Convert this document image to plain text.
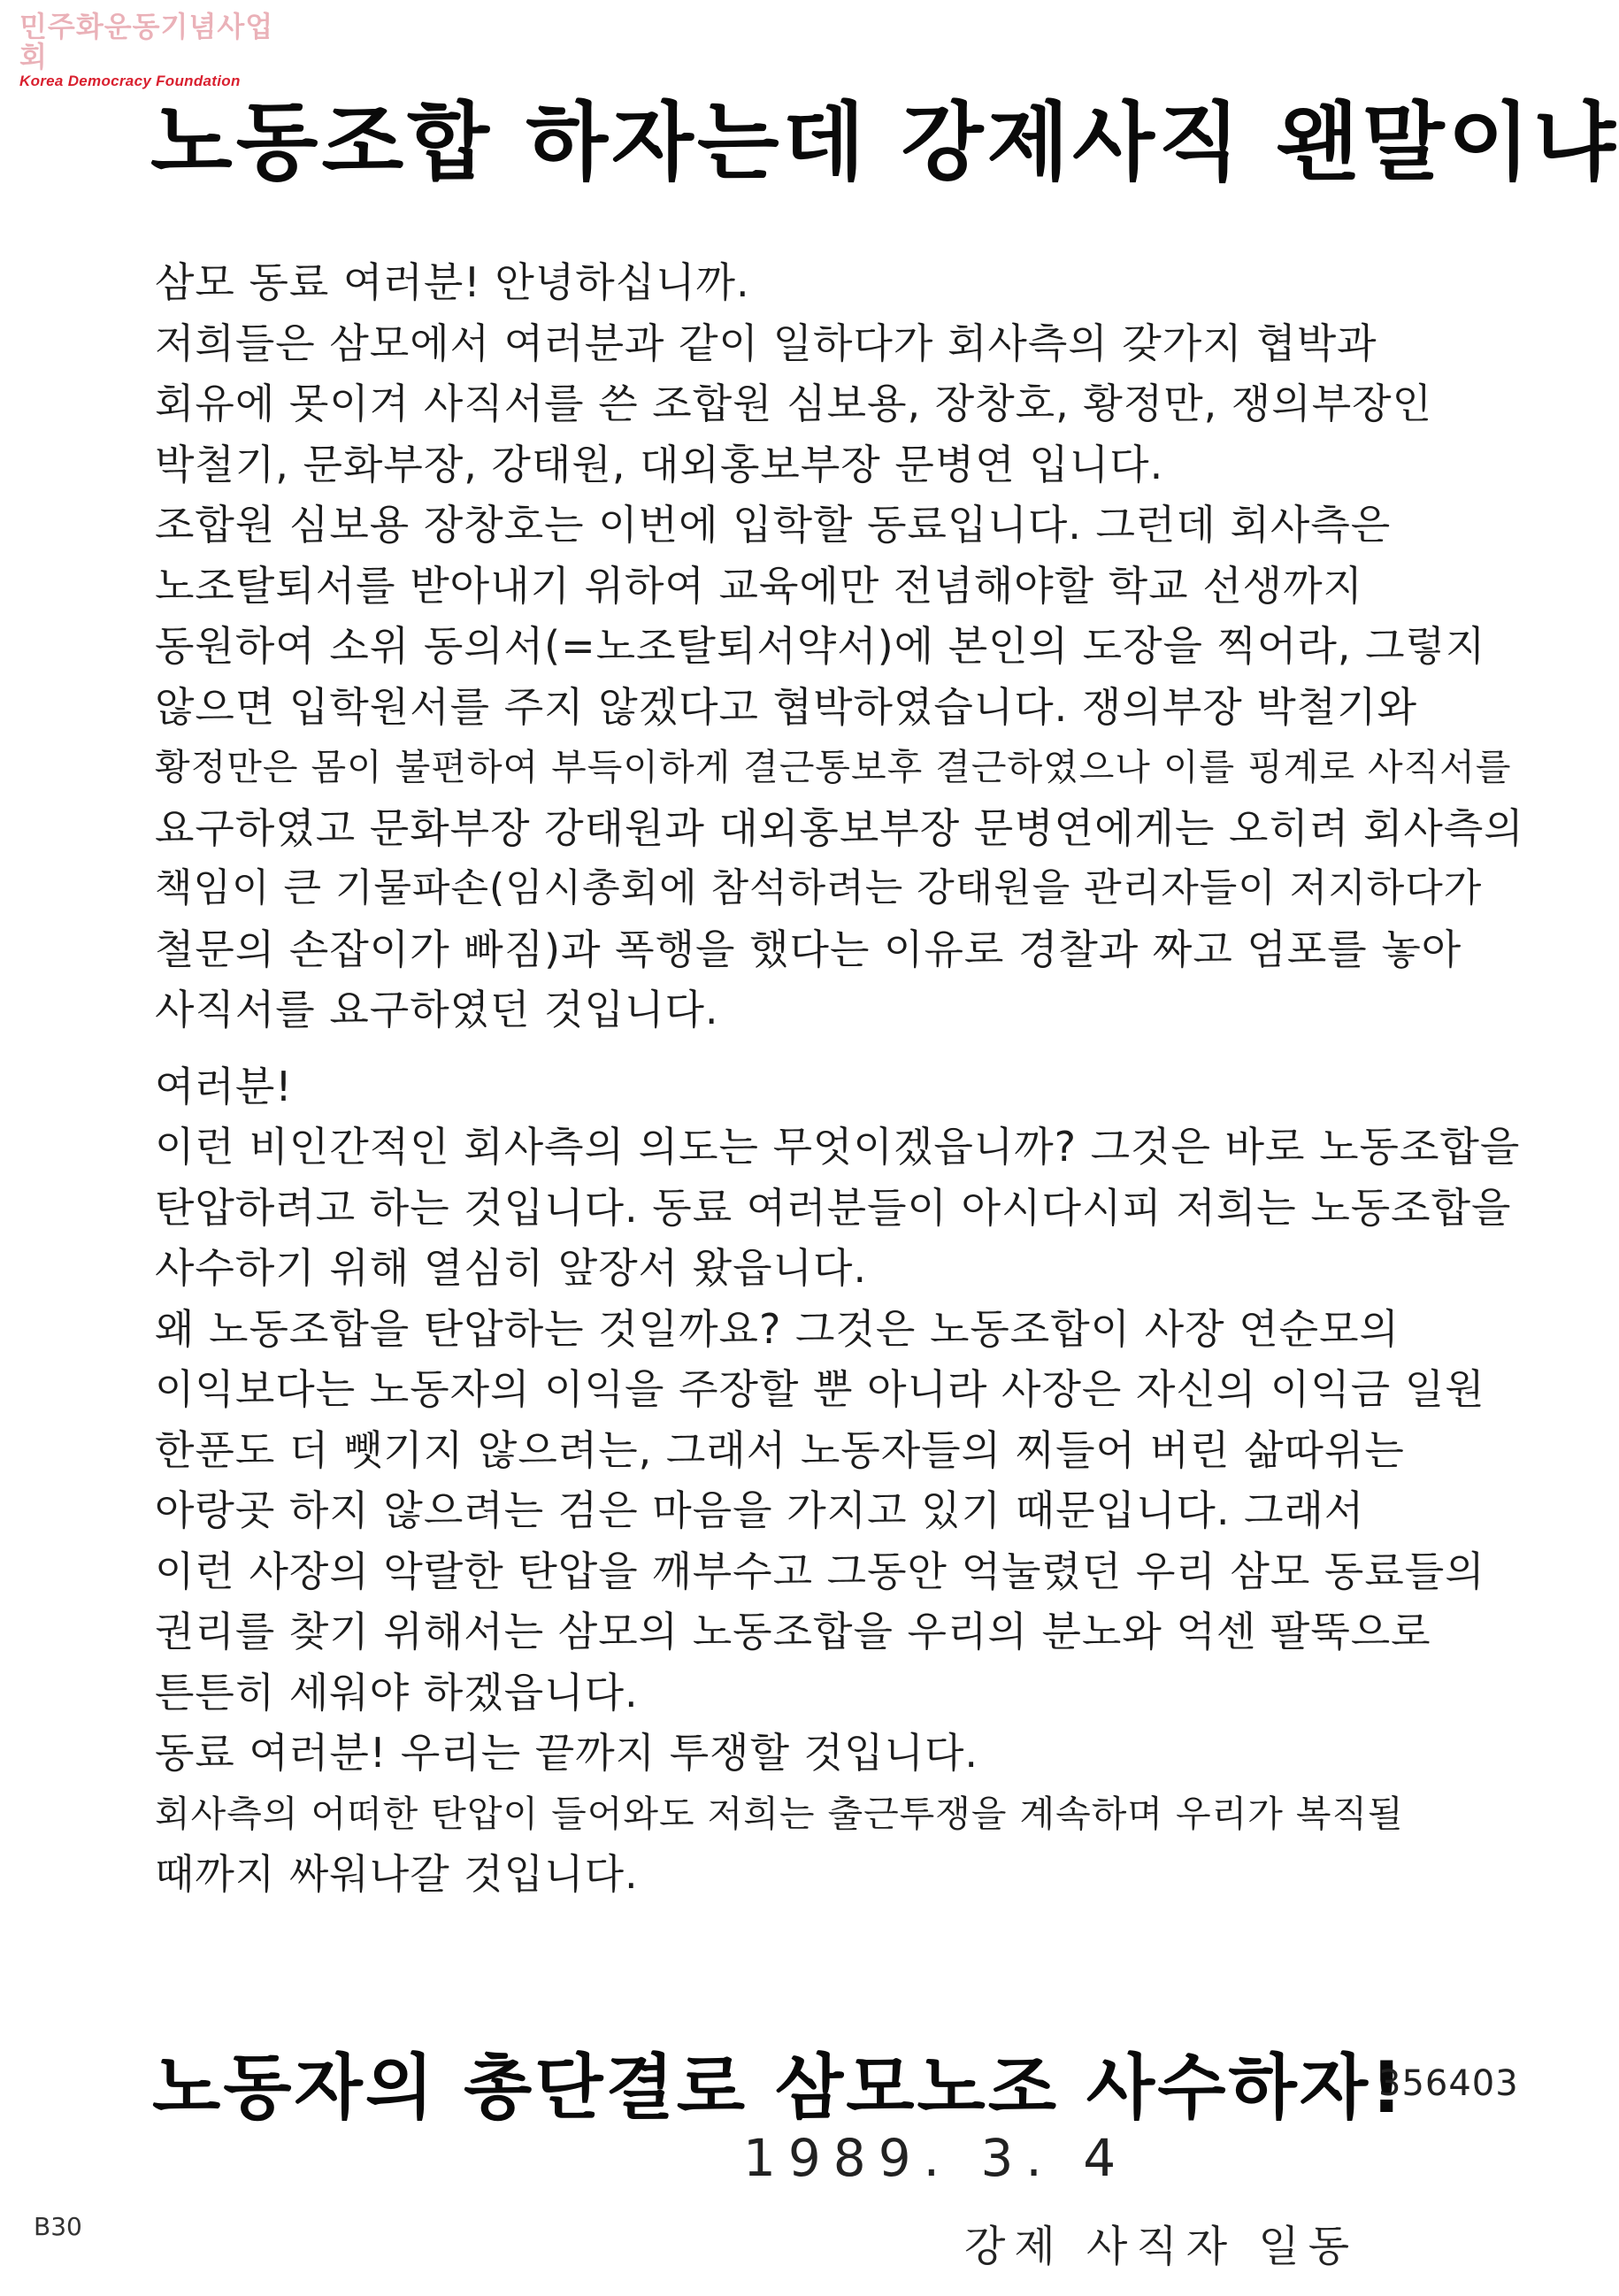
민주화운동기념사업회
Korea Democracy Foundation
노동조합 하자는데 강제사직 왠말이냐
삼모 동료 여러분! 안녕하십니까.
저희들은 삼모에서 여러분과 같이 일하다가 회사측의 갖가지 협박과
회유에 못이겨 사직서를 쓴 조합원 심보용, 장창호, 황정만, 쟁의부장인
박철기, 문화부장, 강태원, 대외홍보부장 문병연 입니다.
조합원 심보용 장창호는 이번에 입학할 동료입니다. 그런데 회사측은
노조탈퇴서를 받아내기 위하여 교육에만 전념해야할 학교 선생까지
동원하여 소위 동의서(=노조탈퇴서약서)에 본인의 도장을 찍어라, 그렇지
않으면 입학원서를 주지 않겠다고 협박하였습니다. 쟁의부장 박철기와
황정만은 몸이 불편하여 부득이하게 결근통보후 결근하였으나 이를 핑계로 사직서를
요구하였고 문화부장 강태원과 대외홍보부장 문병연에게는 오히려 회사측의
책임이 큰 기물파손(임시총회에 참석하려는 강태원을 관리자들이 저지하다가
철문의 손잡이가 빠짐)과 폭행을 했다는 이유로 경찰과 짜고 엄포를 놓아
사직서를 요구하였던 것입니다.
여러분!
이런 비인간적인 회사측의 의도는 무엇이겠읍니까? 그것은 바로 노동조합을
탄압하려고 하는 것입니다. 동료 여러분들이 아시다시피 저희는 노동조합을
사수하기 위해 열심히 앞장서 왔읍니다.
왜 노동조합을 탄압하는 것일까요? 그것은 노동조합이 사장 연순모의
이익보다는 노동자의 이익을 주장할 뿐 아니라 사장은 자신의 이익금 일원
한푼도 더 뺏기지 않으려는, 그래서 노동자들의 찌들어 버린 삶따위는
아랑곳 하지 않으려는 검은 마음을 가지고 있기 때문입니다. 그래서
이런 사장의 악랄한 탄압을 깨부수고 그동안 억눌렸던 우리 삼모 동료들의
권리를 찾기 위해서는 삼모의 노동조합을 우리의 분노와 억센 팔뚝으로
튼튼히 세워야 하겠읍니다.
동료 여러분! 우리는 끝까지 투쟁할 것입니다.
회사측의 어떠한 탄압이 들어와도 저희는 출근투쟁을 계속하며 우리가 복직될
때까지 싸워나갈 것입니다.
노동자의 총단결로 삼모노조 사수하자!
356403
1989. 3. 4
B30	강제 사직자 일동
